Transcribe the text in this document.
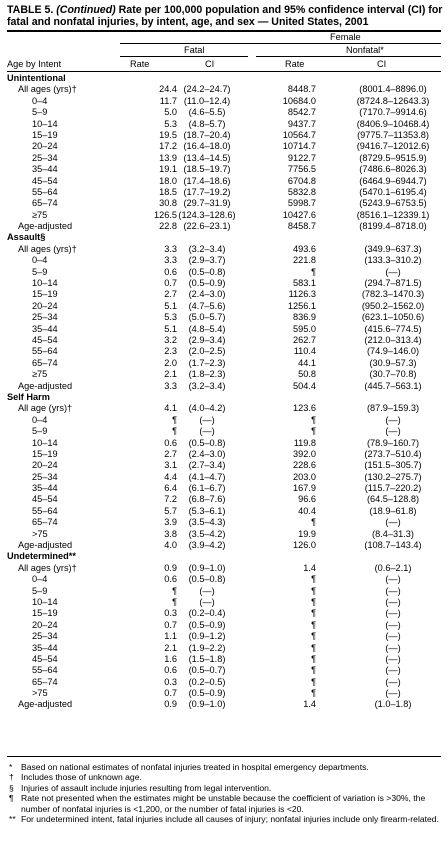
TABLE 5. (Continued) Rate per 100,000 population and 95% confidence interval (CI) for fatal and nonfatal injuries, by intent, age, and sex — United States, 2001
Female
Fatal	Nonfatal*
Age by Intent	Rate	CI	Rate	CI
Unintentional
All ages (yrs)†	24.4 (24.2–24.7)	8448.7	(8001.4–8896.0)
0–4	11.7 (11.0–12.4)	10684.0	(8724.8–12643.3)
5–9	5.0	(4.6–5.5)	8542.7	(7170.7–9914.6)
10–14	5.3	(4.8–5.7)	9437.7	(8406.9–10468.4)
15–19	19.5 (18.7–20.4)	10564.7	(9775.7–11353.8)
20–24	17.2 (16.4–18.0)	10714.7	(9416.7–12012.6)
25–34	13.9 (13.4–14.5)	9122.7	(8729.5–9515.9)
35–44	19.1 (18.5–19.7)	7756.5	(7486.6–8026.3)
45–54	18.0 (17.4–18.6)	6704.8	(6464.9–6944.7)
55–64	18.5 (17.7–19.2)	5832.8	(5470.1–6195.4)
65–74	30.8 (29.7–31.9)	5998.7	(5243.9–6753.5)
≥75	126.5 (124.3–128.6)	10427.6	(8516.1–12339.1)
Age-adjusted	22.8 (22.6–23.1)	8458.7	(8199.4–8718.0)
Assault§
All ages (yrs)†	3.3	(3.2–3.4)	493.6	(349.9–637.3)
0–4	3.3	(2.9–3.7)	221.8	(133.3–310.2)
5–9	0.6	(0.5–0.8)	¶	(—)
10–14	0.7	(0.5–0.9)	583.1	(294.7–871.5)
15–19	2.7	(2.4–3.0)	1126.3	(782.3–1470.3)
20–24	5.1	(4.7–5.6)	1256.1	(950.2–1562.0)
25–34	5.3	(5.0–5.7)	836.9	(623.1–1050.6)
35–44	5.1	(4.8–5.4)	595.0	(415.6–774.5)
45–54	3.2	(2.9–3.4)	262.7	(212.0–313.4)
55–64	2.3	(2.0–2.5)	110.4	(74.9–146.0)
65–74	2.0	(1.7–2.3)	44.1	(30.9–57.3)
≥75	2.1	(1.8–2.3)	50.8	(30.7–70.8)
Age-adjusted	3.3	(3.2–3.4)	504.4	(445.7–563.1)
Self Harm
All age (yrs)†	4.1	(4.0–4.2)	123.6	(87.9–159.3)
0–4	¶	(—)	¶	(—)
5–9	¶	(—)	¶	(—)
10–14	0.6	(0.5–0.8)	119.8	(78.9–160.7)
15–19	2.7	(2.4–3.0)	392.0	(273.7–510.4)
20–24	3.1	(2.7–3.4)	228.6	(151.5–305.7)
25–34	4.4	(4.1–4.7)	203.0	(130.2–275.7)
35–44	6.4	(6.1–6.7)	167.9	(115.7–220.2)
45–54	7.2	(6.8–7.6)	96.6	(64.5–128.8)
55–64	5.7	(5.3–6.1)	40.4	(18.9–61.8)
65–74	3.9	(3.5–4.3)	¶	(—)
>75	3.8	(3.5–4.2)	19.9	(8.4–31.3)
Age-adjusted	4.0	(3.9–4.2)	126.0	(108.7–143.4)
Undetermined**
All ages (yrs)†	0.9	(0.9–1.0)	1.4	(0.6–2.1)
0–4	0.6	(0.5–0.8)	¶	(—)
5–9	¶	(—)	¶	(—)
10–14	¶	(—)	¶	(—)
15–19	0.3	(0.2–0.4)	¶	(—)
20–24	0.7	(0.5–0.9)	¶	(—)
25–34	1.1	(0.9–1.2)	¶	(—)
35–44	2.1	(1.9–2.2)	¶	(—)
45–54	1.6	(1.5–1.8)	¶	(—)
55–64	0.6	(0.5–0.7)	¶	(—)
65–74	0.3	(0.2–0.5)	¶	(—)
>75	0.7	(0.5–0.9)	¶	(—)
Age-adjusted	0.9	(0.9–1.0)	1.4	(1.0–1.8)
* Based on national estimates of nonfatal injuries treated in hospital emergency departments.
† Includes those of unknown age.
§ Injuries of assault include injuries resulting from legal intervention.
¶ Rate not presented when the estimates might be unstable because the coefficient of variation is >30%, the number of nonfatal injuries is <1,200, or the number of fatal injuries is <20.
** For undetermined intent, fatal injuries include all causes of injury; nonfatal injuries include only firearm-related.
